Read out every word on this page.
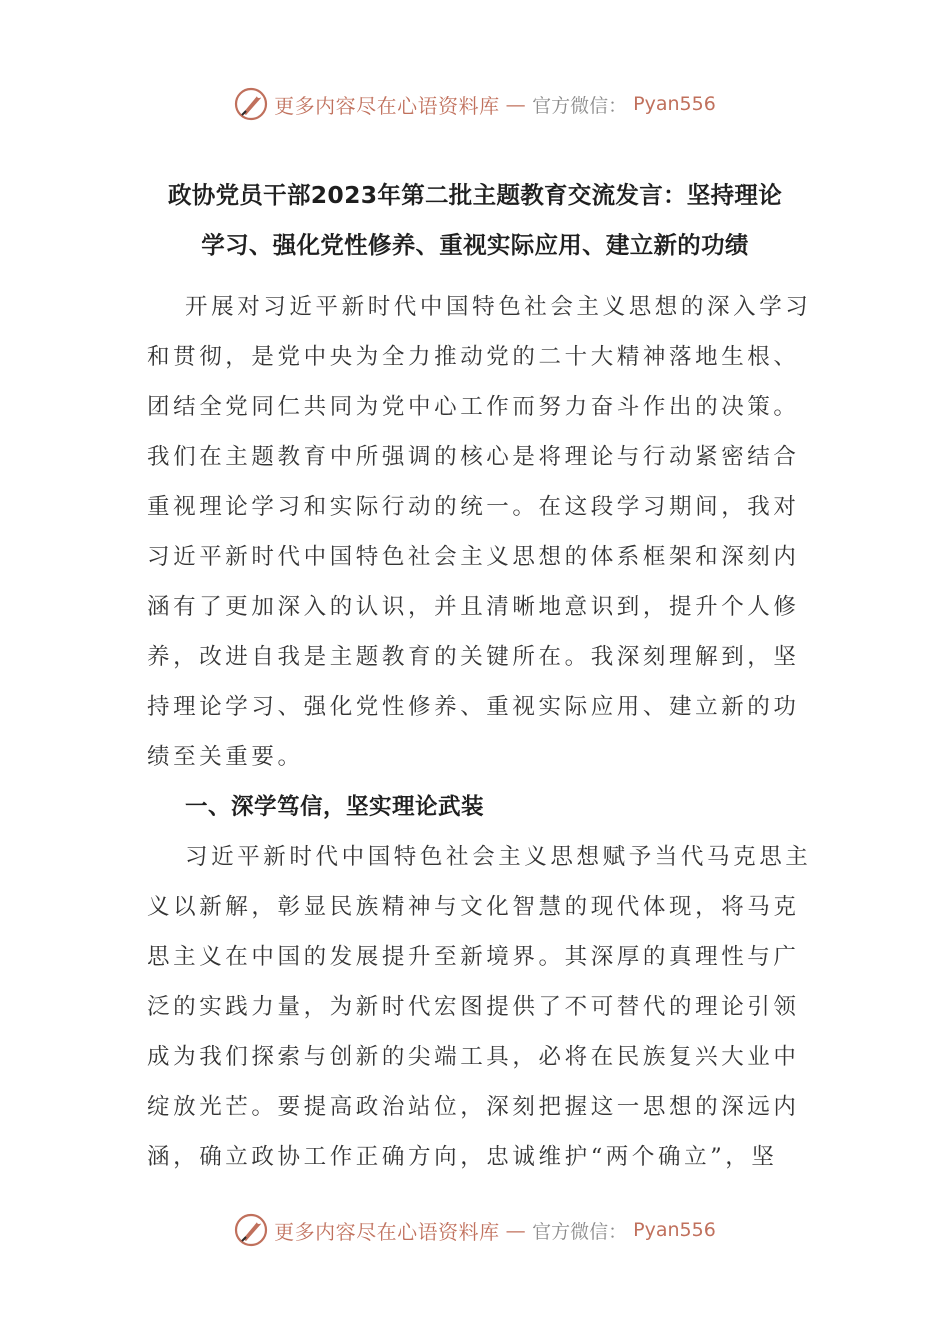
更多内容尽在心语资料库 — 官方微信： Pyan556
政协党员干部2023年第二批主题教育交流发言：坚持理论
学习、强化党性修养、重视实际应用、建立新的功绩
开展对习近平新时代中国特色社会主义思想的深入学习
和贯彻，是党中央为全力推动党的二十大精神落地生根、
团结全党同仁共同为党中心工作而努力奋斗作出的决策。
我们在主题教育中所强调的核心是将理论与行动紧密结合
重视理论学习和实际行动的统一。在这段学习期间，我对
习近平新时代中国特色社会主义思想的体系框架和深刻内
涵有了更加深入的认识，并且清晰地意识到，提升个人修
养，改进自我是主题教育的关键所在。我深刻理解到，坚
持理论学习、强化党性修养、重视实际应用、建立新的功
绩至关重要。
一、深学笃信，坚实理论武装
习近平新时代中国特色社会主义思想赋予当代马克思主
义以新解，彰显民族精神与文化智慧的现代体现，将马克
思主义在中国的发展提升至新境界。其深厚的真理性与广
泛的实践力量，为新时代宏图提供了不可替代的理论引领
成为我们探索与创新的尖端工具，必将在民族复兴大业中
绽放光芒。要提高政治站位，深刻把握这一思想的深远内
涵，确立政协工作正确方向，忠诚维护“两个确立”，坚
更多内容尽在心语资料库 — 官方微信： Pyan556
